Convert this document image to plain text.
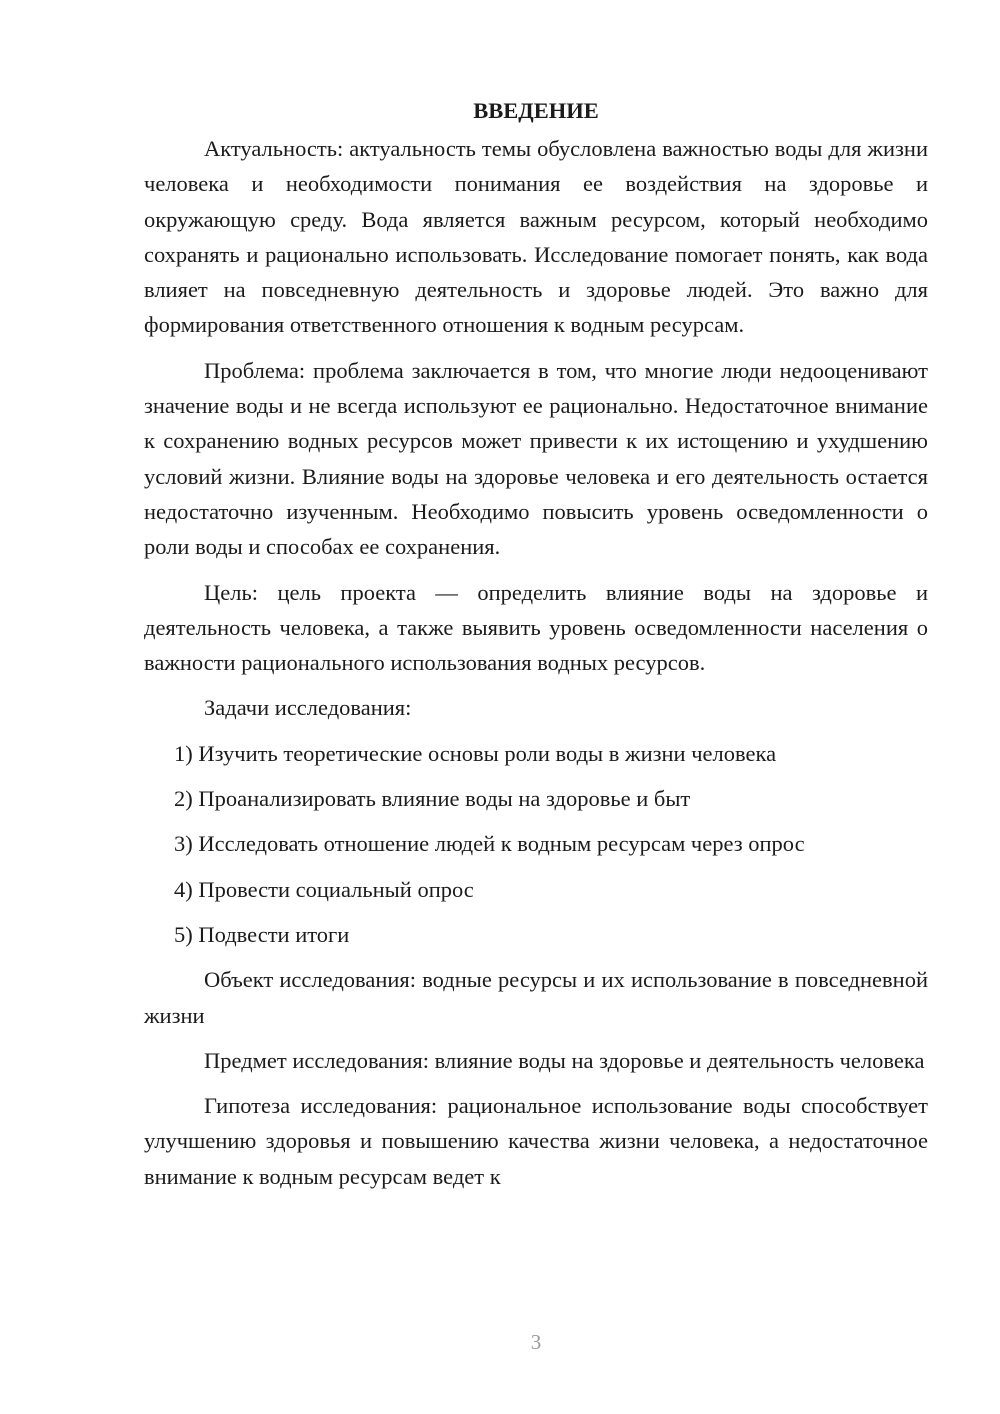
ВВЕДЕНИЕ

Актуальность: актуальность темы обусловлена важностью воды для жизни человека и необходимости понимания ее воздействия на здоровье и окружающую среду. Вода является важным ресурсом, который необходимо сохранять и рационально использовать. Исследование помогает понять, как вода влияет на повседневную деятельность и здоровье людей. Это важно для формирования ответственного отношения к водным ресурсам.

Проблема: проблема заключается в том, что многие люди недооценивают значение воды и не всегда используют ее рационально. Недостаточное внимание к сохранению водных ресурсов может привести к их истощению и ухудшению условий жизни. Влияние воды на здоровье человека и его деятельность остается недостаточно изученным. Необходимо повысить уровень осведомленности о роли воды и способах ее сохранения.

Цель: цель проекта — определить влияние воды на здоровье и деятельность человека, а также выявить уровень осведомленности населения о важности рационального использования водных ресурсов.

Задачи исследования:

1) Изучить теоретические основы роли воды в жизни человека
2) Проанализировать влияние воды на здоровье и быт
3) Исследовать отношение людей к водным ресурсам через опрос
4) Провести социальный опрос
5) Подвести итоги

Объект исследования: водные ресурсы и их использование в повседневной жизни

Предмет исследования: влияние воды на здоровье и деятельность человека

Гипотеза исследования: рациональное использование воды способствует улучшению здоровья и повышению качества жизни человека, а недостаточное внимание к водным ресурсам ведет к

3
